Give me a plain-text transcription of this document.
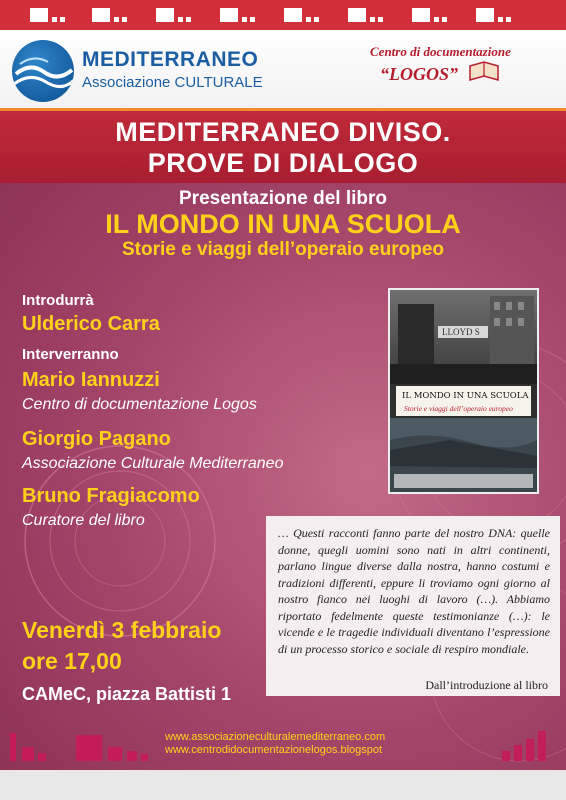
MEDITERRANEO
Associazione CULTURALE
Centro di documentazione
“LOGOS”
MEDITERRANEO DIVISO.
PROVE DI DIALOGO
Presentazione del libro
IL MONDO IN UNA SCUOLA
Storie e viaggi dell’operaio europeo
Introdurrà
Ulderico Carra
Interverranno
Mario Iannuzzi
Centro di documentazione Logos
Giorgio Pagano
Associazione Culturale Mediterraneo
Bruno Fragiacomo
Curatore del libro
LLOYD S
IL MONDO IN UNA SCUOLA
Storie e viaggi dell’operaio europeo
… Questi racconti fanno parte del nostro DNA: quelle donne, quegli uomini sono nati in altri continenti, parlano lingue diverse dalla nostra, hanno costumi e tradizioni differenti, eppure li troviamo ogni giorno al nostro fianco nei luoghi di lavoro (…). Abbiamo riportato fedelmente queste testimonianze (…): le vicende e le tragedie individuali diventano l’espressione di un processo storico e sociale di respiro mondiale.
Dall’introduzione al libro
Venerdì 3 febbraio
ore 17,00
CAMeC, piazza Battisti 1
www.associazioneculturalemediterraneo.com
www.centrodidocumentazionelogos.blogspot
